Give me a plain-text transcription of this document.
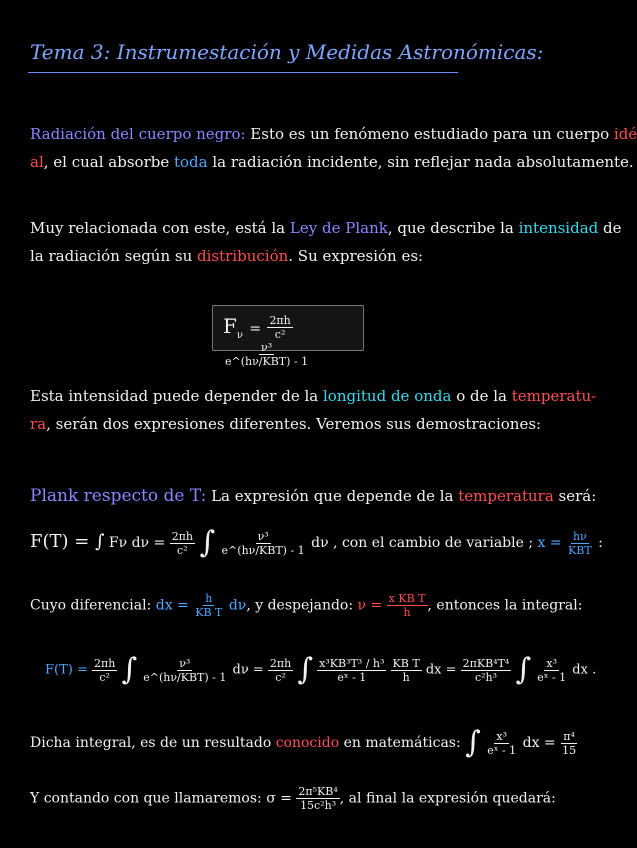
Tema 3: Instrumestación y Medidas Astronómicas:
Radiación del cuerpo negro: Esto es un fenómeno estudiado para un cuerpo idé
al, el cual absorbe toda la radiación incidente, sin reflejar nada absolutamente.
Muy relacionada con este, está la Ley de Plank, que describe la intensidad de
la radiación según su distribución. Su expresión es:
$F_\nu = \frac{2\pi h}{\text{c²}}$

$\frac{\text{ν³}}{\text{e\textasciicircum{}(hν/KBT) - 1}}$
Esta intensidad puede depender de la longitud de onda o de la temperatu-
ra, serán dos expresiones diferentes. Veremos sus demostraciones:
Plank respecto de T: La expresión que depende de la temperatura será:
F(T) = ∫ Fν $d\nu = \frac{2\pi h}{\text{c²}}$ ∫ $\frac{\text{ν³}}{\text{e\textasciicircum{}(hν/KBT) - 1}}$ dν , con el cambio de variable ; $x = \frac{h\nu}{\text{KBT}}$ :
Cuyo diferencial: dx = $\frac{h}{\text{KB T}} d\nu$, y despejando: $\nu = \frac{\text{x KB T}}{h}$ , entonces la integral:
$F(T) = \frac{2\pi h}{\text{c²}}$ ∫ $\frac{\text{ν³}}{\text{e\textasciicircum{}(hν/KBT) - 1}}$ $d\nu = \frac{2\pi h}{\text{c²}}$ ∫ $\frac{\text{x³KB³T³ / h³}}{\text{eˣ - 1}}$
$\frac{\text{KB T}}{h}$ dx = $\frac{\text{2πKB⁴T⁴}}{\text{c²h³}}$ ∫ $\frac{\text{x³}}{\text{eˣ - 1}}$ dx .
Dicha integral, es de un resultado conocido en matemáticas: ∫ $\frac{\text{x³}}{\text{eˣ - 1}}$ dx = $\frac{\text{π⁴}}{15}$
Y contando con que llamaremos: $\sigma = \frac{\text{2π⁵KB⁴}}{\text{15c²h³}}$ , al final la expresión quedará:
